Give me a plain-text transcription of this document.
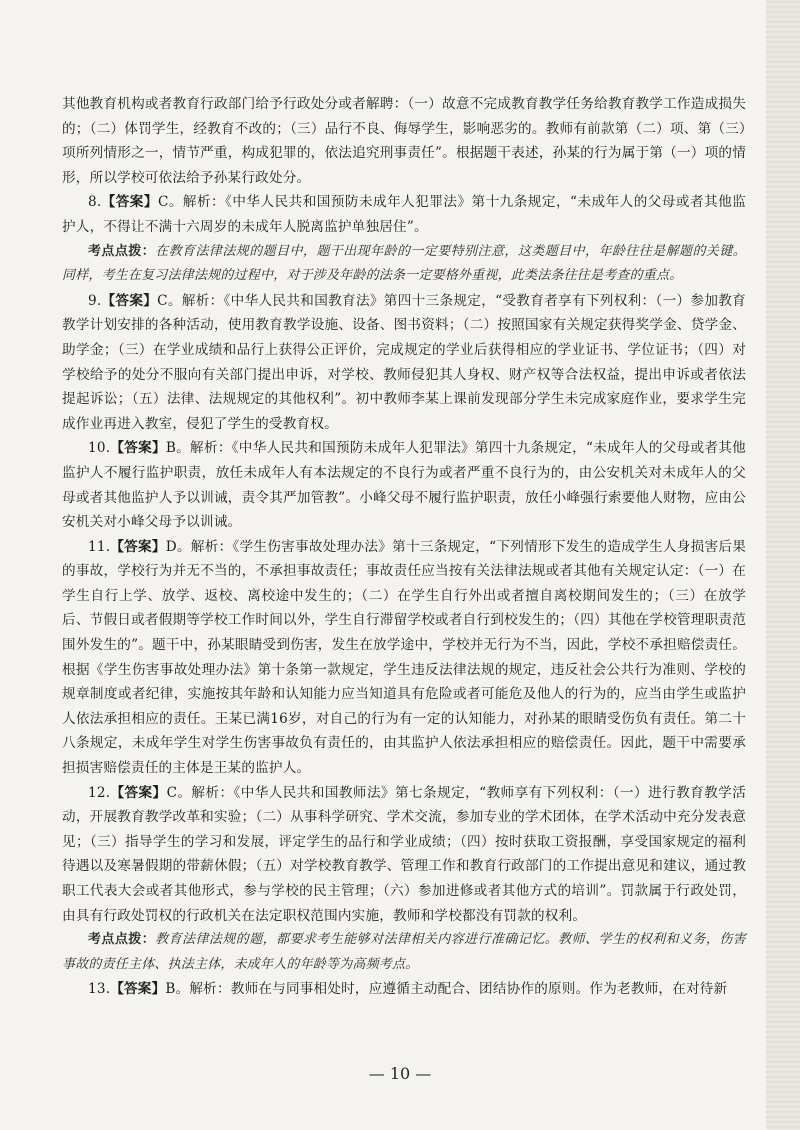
其他教育机构或者教育行政部门给予行政处分或者解聘：（一）故意不完成教育教学任务给教育教学工作造成损失的；（二）体罚学生，经教育不改的；（三）品行不良、侮辱学生，影响恶劣的。教师有前款第（二）项、第（三）项所列情形之一，情节严重，构成犯罪的，依法追究刑事责任”。根据题干表述，孙某的行为属于第（一）项的情形，所以学校可依法给予孙某行政处分。

8.【答案】C。解析：《中华人民共和国预防未成年人犯罪法》第十九条规定，“未成年人的父母或者其他监护人，不得让不满十六周岁的未成年人脱离监护单独居住”。

考点点拨：在教育法律法规的题目中，题干出现年龄的一定要特别注意，这类题目中，年龄往往是解题的关键。同样，考生在复习法律法规的过程中，对于涉及年龄的法条一定要格外重视，此类法条往往是考查的重点。

9.【答案】C。解析：《中华人民共和国教育法》第四十三条规定，“受教育者享有下列权利：（一）参加教育教学计划安排的各种活动，使用教育教学设施、设备、图书资料；（二）按照国家有关规定获得奖学金、贷学金、助学金；（三）在学业成绩和品行上获得公正评价，完成规定的学业后获得相应的学业证书、学位证书；（四）对学校给予的处分不服向有关部门提出申诉，对学校、教师侵犯其人身权、财产权等合法权益，提出申诉或者依法提起诉讼；（五）法律、法规规定的其他权利”。初中教师李某上课前发现部分学生未完成家庭作业，要求学生完成作业再进入教室，侵犯了学生的受教育权。

10.【答案】B。解析：《中华人民共和国预防未成年人犯罪法》第四十九条规定，“未成年人的父母或者其他监护人不履行监护职责，放任未成年人有本法规定的不良行为或者严重不良行为的，由公安机关对未成年人的父母或者其他监护人予以训诫，责令其严加管教”。小峰父母不履行监护职责，放任小峰强行索要他人财物，应由公安机关对小峰父母予以训诫。

11.【答案】D。解析：《学生伤害事故处理办法》第十三条规定，“下列情形下发生的造成学生人身损害后果的事故，学校行为并无不当的，不承担事故责任；事故责任应当按有关法律法规或者其他有关规定认定：（一）在学生自行上学、放学、返校、离校途中发生的；（二）在学生自行外出或者擅自离校期间发生的；（三）在放学后、节假日或者假期等学校工作时间以外，学生自行滞留学校或者自行到校发生的；（四）其他在学校管理职责范围外发生的”。题干中，孙某眼睛受到伤害，发生在放学途中，学校并无行为不当，因此，学校不承担赔偿责任。根据《学生伤害事故处理办法》第十条第一款规定，学生违反法律法规的规定，违反社会公共行为准则、学校的规章制度或者纪律，实施按其年龄和认知能力应当知道具有危险或者可能危及他人的行为的，应当由学生或监护人依法承担相应的责任。王某已满16岁，对自己的行为有一定的认知能力，对孙某的眼睛受伤负有责任。第二十八条规定，未成年学生对学生伤害事故负有责任的，由其监护人依法承担相应的赔偿责任。因此，题干中需要承担损害赔偿责任的主体是王某的监护人。

12.【答案】C。解析：《中华人民共和国教师法》第七条规定，“教师享有下列权利：（一）进行教育教学活动，开展教育教学改革和实验；（二）从事科学研究、学术交流，参加专业的学术团体，在学术活动中充分发表意见；（三）指导学生的学习和发展，评定学生的品行和学业成绩；（四）按时获取工资报酬，享受国家规定的福利待遇以及寒暑假期的带薪休假；（五）对学校教育教学、管理工作和教育行政部门的工作提出意见和建议，通过教职工代表大会或者其他形式，参与学校的民主管理；（六）参加进修或者其他方式的培训”。罚款属于行政处罚，由具有行政处罚权的行政机关在法定职权范围内实施，教师和学校都没有罚款的权利。

考点点拨：教育法律法规的题，都要求考生能够对法律相关内容进行准确记忆。教师、学生的权利和义务，伤害事故的责任主体、执法主体，未成年人的年龄等为高频考点。

13.【答案】B。解析：教师在与同事相处时，应遵循主动配合、团结协作的原则。作为老教师，在对待新

— 10 —
